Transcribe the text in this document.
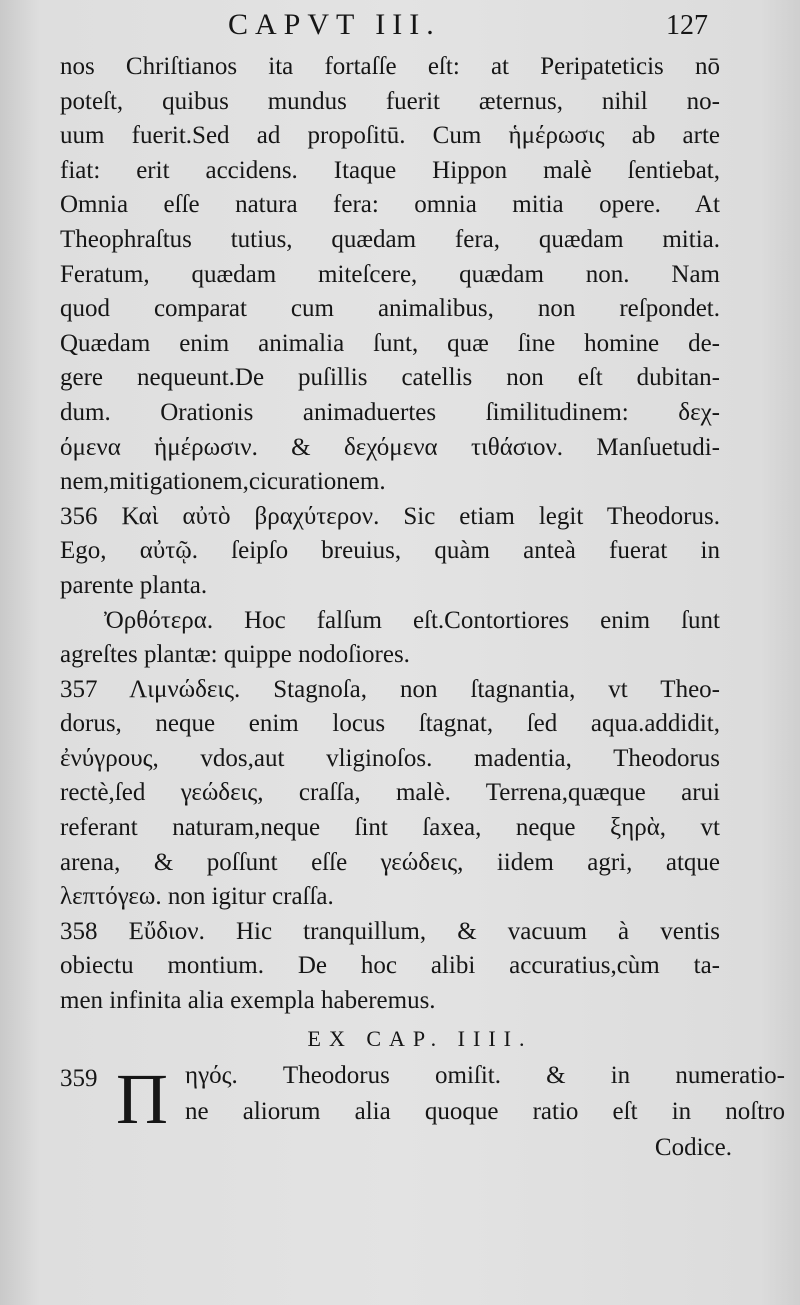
CAPVT III.	127
nos Chriſtianos ita fortaſſe eſt: at Peripateticis nō
poteſt, quibus mundus fuerit æternus, nihil no-
uum fuerit.Sed ad propoſitū. Cum ἡμέρωσις ab arte
fiat: erit accidens. Itaque Hippon malè ſentiebat,
Omnia eſſe natura fera: omnia mitia opere. At
Theophraſtus tutius, quædam fera, quædam mitia.
Feratum, quædam miteſcere, quædam non. Nam
quod comparat cum animalibus, non reſpondet.
Quædam enim animalia ſunt, quæ ſine homine de-
gere nequeunt.De puſillis catellis non eſt dubitan-
dum. Orationis animaduertes ſimilitudinem: δεχ-
όμενα ἡμέρωσιν. & δεχόμενα τιθάσιον. Manſuetudi-
nem,mitigationem,cicurationem.
356 Καὶ αὐτὸ βραχύτερον. Sic etiam legit Theodorus.
Ego, αὐτῷ. ſeipſo breuius, quàm anteà fuerat in
parente planta.
Ὀρθότερα. Hoc falſum eſt.Contortiores enim ſunt
agreſtes plantæ: quippe nodoſiores.
357 Λιμνώδεις. Stagnoſa, non ſtagnantia, vt Theo-
dorus, neque enim locus ſtagnat, ſed aqua.addidit,
ἐνύγρους, vdos,aut vliginoſos. madentia, Theodorus
rectè,ſed γεώδεις, craſſa, malè. Terrena,quæque arui
referant naturam,neque ſint ſaxea, neque ξηρὰ, vt
arena, & poſſunt eſſe γεώδεις, iidem agri, atque
λεπτόγεω. non igitur craſſa.
358 Εὔδιον. Hic tranquillum, & vacuum à ventis
obiectu montium. De hoc alibi accuratius,cùm ta-
men infinita alia exempla haberemus.
EX CAP. IIII.
359 Π ηγός. Theodorus omiſit. & in numeratio-
ne aliorum alia quoque ratio eſt in noſtro
Codice.
